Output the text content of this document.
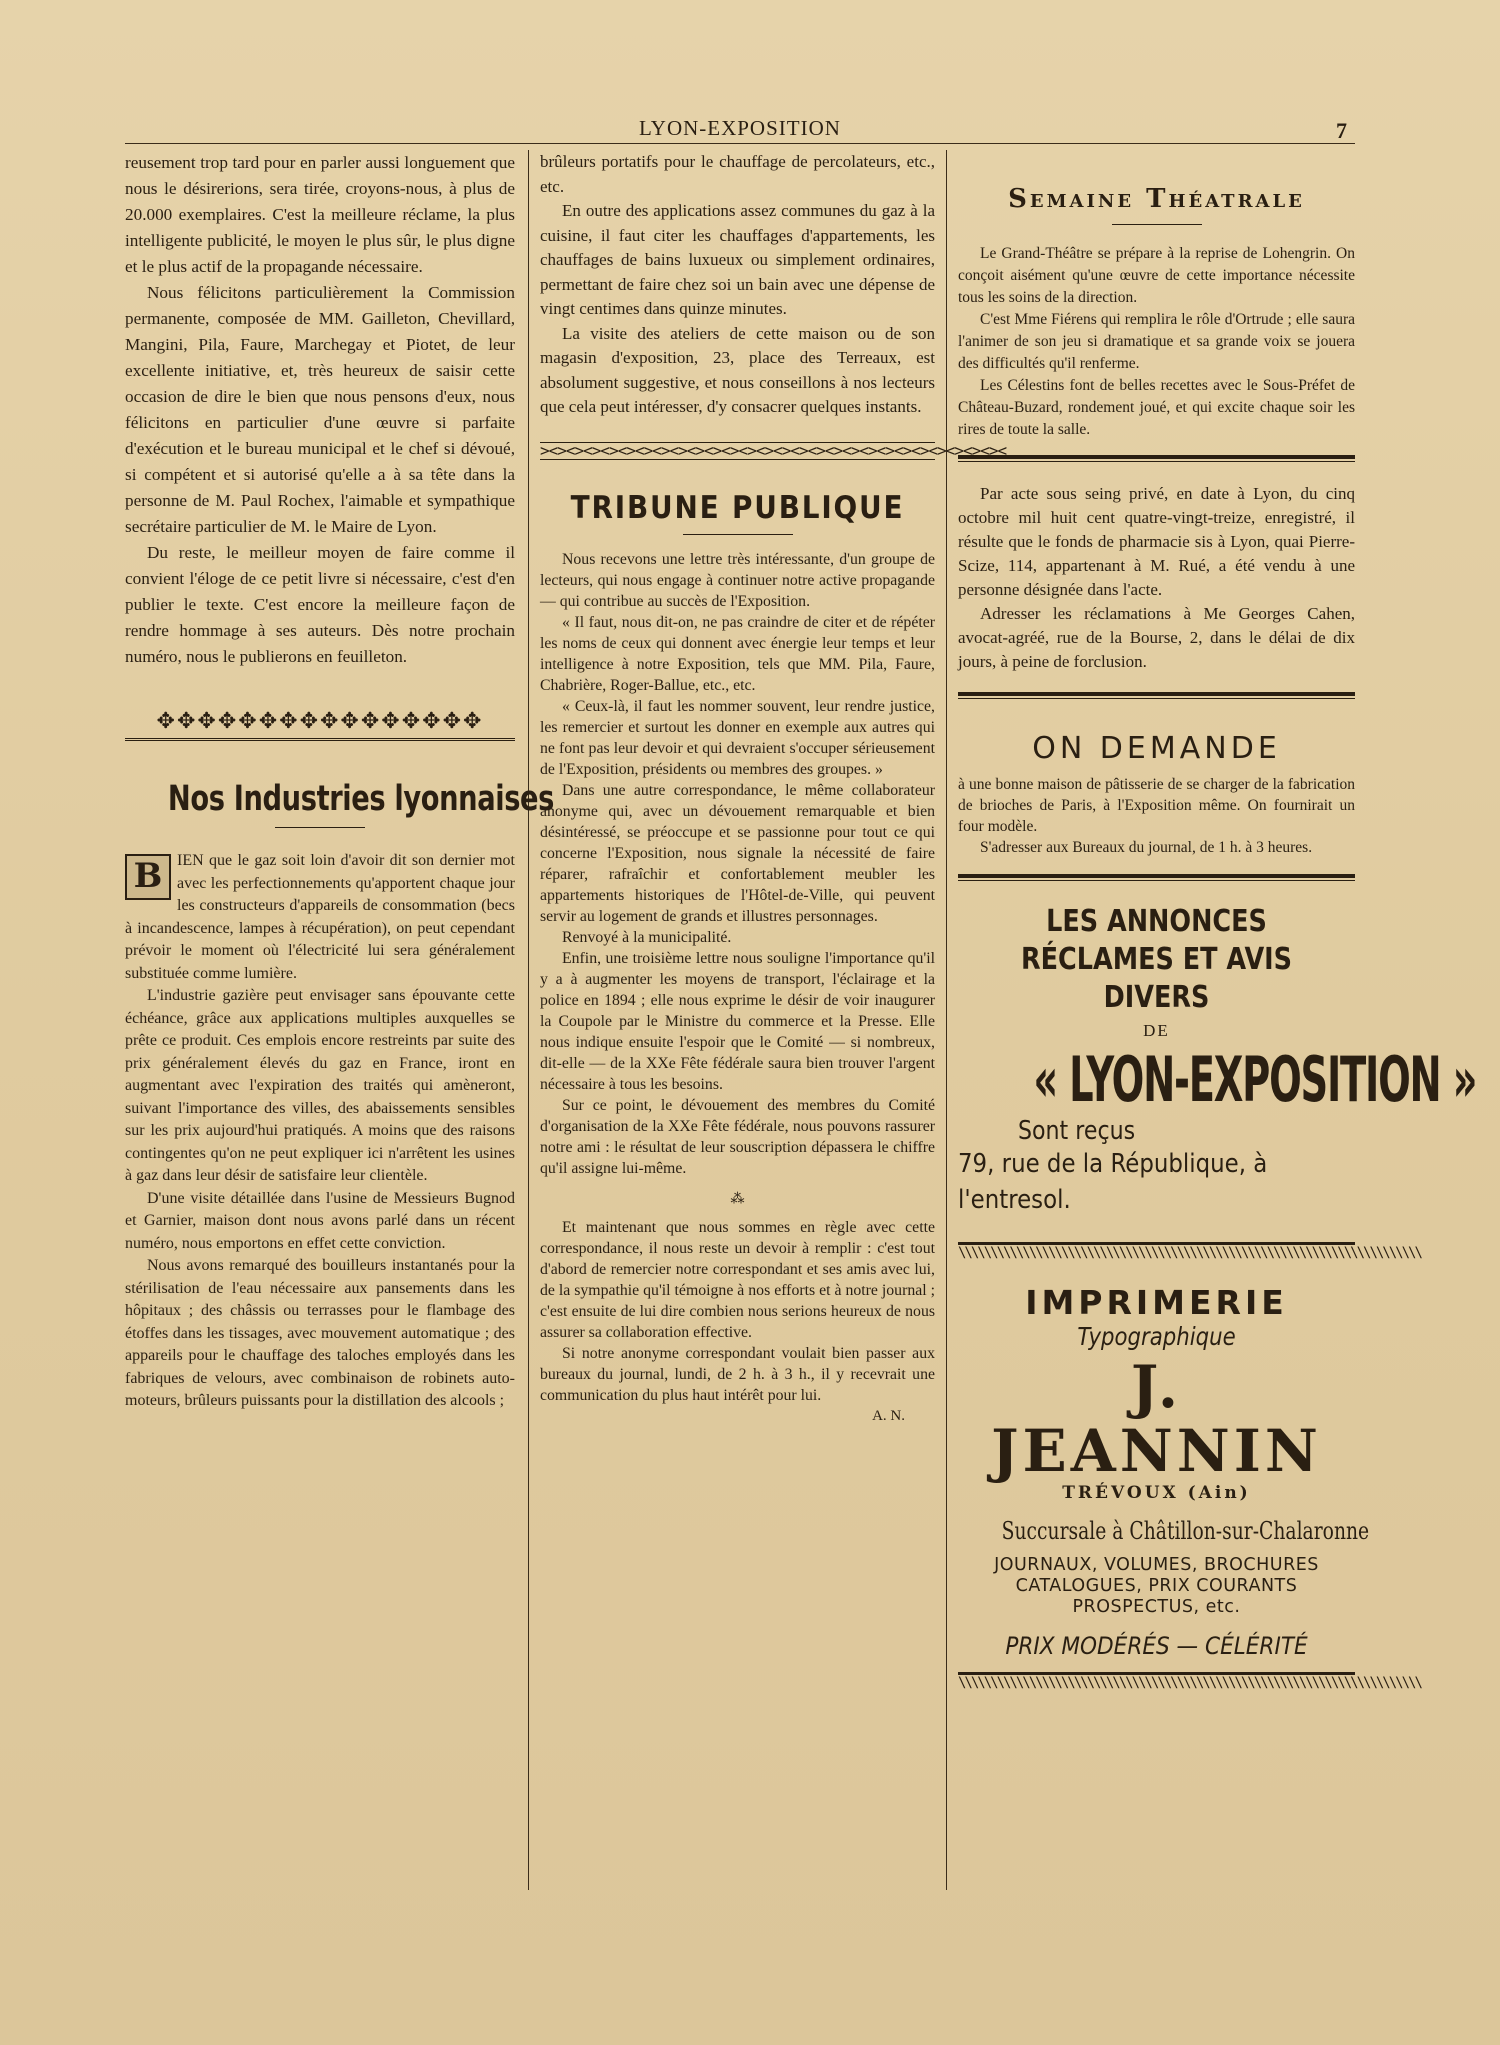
LYON-EXPOSITION	7

reusement trop tard pour en parler aussi longuement que nous le désirerions, sera tirée, croyons-nous, à plus de 20.000 exemplaires. C'est la meilleure réclame, la plus intelligente publicité, le moyen le plus sûr, le plus digne et le plus actif de la propagande nécessaire.

Nous félicitons particulièrement la Commission permanente, composée de MM. Gailleton, Chevillard, Mangini, Pila, Faure, Marchegay et Piotet, de leur excellente initiative, et, très heureux de saisir cette occasion de dire le bien que nous pensons d'eux, nous félicitons en particulier d'une œuvre si parfaite d'exécution et le bureau municipal et le chef si dévoué, si compétent et si autorisé qu'elle a à sa tête dans la personne de M. Paul Rochex, l'aimable et sympathique secrétaire particulier de M. le Maire de Lyon.

Du reste, le meilleur moyen de faire comme il convient l'éloge de ce petit livre si nécessaire, c'est d'en publier le texte. C'est encore la meilleure façon de rendre hommage à ses auteurs. Dès notre prochain numéro, nous le publierons en feuilleton.

✥✥✥✥✥✥✥✥✥✥✥✥✥✥✥✥
Nos Industries lyonnaises

B IEN que le gaz soit loin d'avoir dit son dernier mot avec les perfectionnements qu'apportent chaque jour les constructeurs d'appareils de consommation (becs à incandescence, lampes à récupération), on peut cependant prévoir le moment où l'électricité lui sera généralement substituée comme lumière.

L'industrie gazière peut envisager sans épouvante cette échéance, grâce aux applications multiples auxquelles se prête ce produit. Ces emplois encore restreints par suite des prix généralement élevés du gaz en France, iront en augmentant avec l'expiration des traités qui amèneront, suivant l'importance des villes, des abaissements sensibles sur les prix aujourd'hui pratiqués. A moins que des raisons contingentes qu'on ne peut expliquer ici n'arrêtent les usines à gaz dans leur désir de satisfaire leur clientèle.

D'une visite détaillée dans l'usine de Messieurs Bugnod et Garnier, maison dont nous avons parlé dans un récent numéro, nous emportons en effet cette conviction.

Nous avons remarqué des bouilleurs instantanés pour la stérilisation de l'eau nécessaire aux pansements dans les hôpitaux ; des châssis ou terrasses pour le flambage des étoffes dans les tissages, avec mouvement automatique ; des appareils pour le chauffage des taloches employés dans les fabriques de velours, avec combinaison de robinets auto-moteurs, brûleurs puissants pour la distillation des alcools ;

brûleurs portatifs pour le chauffage de percolateurs, etc., etc.

En outre des applications assez communes du gaz à la cuisine, il faut citer les chauffages d'appartements, les chauffages de bains luxueux ou simplement ordinaires, permettant de faire chez soi un bain avec une dépense de vingt centimes dans quinze minutes.

La visite des ateliers de cette maison ou de son magasin d'exposition, 23, place des Terreaux, est absolument suggestive, et nous conseillons à nos lecteurs que cela peut intéresser, d'y consacrer quelques instants.

><><><><><><><><><><><><><><><><><><><><><><><><><><><
TRIBUNE PUBLIQUE

Nous recevons une lettre très intéressante, d'un groupe de lecteurs, qui nous engage à continuer notre active propagande — qui contribue au succès de l'Exposition.

« Il faut, nous dit-on, ne pas craindre de citer et de répéter les noms de ceux qui donnent avec énergie leur temps et leur intelligence à notre Exposition, tels que MM. Pila, Faure, Chabrière, Roger-Ballue, etc., etc.

« Ceux-là, il faut les nommer souvent, leur rendre justice, les remercier et surtout les donner en exemple aux autres qui ne font pas leur devoir et qui devraient s'occuper sérieusement de l'Exposition, présidents ou membres des groupes. »

Dans une autre correspondance, le même collaborateur anonyme qui, avec un dévouement remarquable et bien désintéressé, se préoccupe et se passionne pour tout ce qui concerne l'Exposition, nous signale la nécessité de faire réparer, rafraîchir et confortablement meubler les appartements historiques de l'Hôtel-de-Ville, qui peuvent servir au logement de grands et illustres personnages.

Renvoyé à la municipalité.

Enfin, une troisième lettre nous souligne l'importance qu'il y a à augmenter les moyens de transport, l'éclairage et la police en 1894 ; elle nous exprime le désir de voir inaugurer la Coupole par le Ministre du commerce et la Presse. Elle nous indique ensuite l'espoir que le Comité — si nombreux, dit-elle — de la XXe Fête fédérale saura bien trouver l'argent nécessaire à tous les besoins.

Sur ce point, le dévouement des membres du Comité d'organisation de la XXe Fête fédérale, nous pouvons rassurer notre ami : le résultat de leur souscription dépassera le chiffre qu'il assigne lui-même.

⁂

Et maintenant que nous sommes en règle avec cette correspondance, il nous reste un devoir à remplir : c'est tout d'abord de remercier notre correspondant et ses amis avec lui, de la sympathie qu'il témoigne à nos efforts et à notre journal ; c'est ensuite de lui dire combien nous serions heureux de nous assurer sa collaboration effective.

Si notre anonyme correspondant voulait bien passer aux bureaux du journal, lundi, de 2 h. à 3 h., il y recevrait une communication du plus haut intérêt pour lui.

A. N.
Semaine Théatrale

Le Grand-Théâtre se prépare à la reprise de Lohengrin. On conçoit aisément qu'une œuvre de cette importance nécessite tous les soins de la direction.

C'est Mme Fiérens qui remplira le rôle d'Ortrude ; elle saura l'animer de son jeu si dramatique et sa grande voix se jouera des difficultés qu'il renferme.

Les Célestins font de belles recettes avec le Sous-Préfet de Château-Buzard, rondement joué, et qui excite chaque soir les rires de toute la salle.

Par acte sous seing privé, en date à Lyon, du cinq octobre mil huit cent quatre-vingt-treize, enregistré, il résulte que le fonds de pharmacie sis à Lyon, quai Pierre-Scize, 114, appartenant à M. Rué, a été vendu à une personne désignée dans l'acte.

Adresser les réclamations à Me Georges Cahen, avocat-agréé, rue de la Bourse, 2, dans le délai de dix jours, à peine de forclusion.

ON DEMANDE

à une bonne maison de pâtisserie de se charger de la fabrication de brioches de Paris, à l'Exposition même. On fournirait un four modèle.

S'adresser aux Bureaux du journal, de 1 h. à 3 heures.

LES ANNONCES
RÉCLAMES ET AVIS DIVERS
DE
« LYON-EXPOSITION »
Sont reçus
79, rue de la République, à l'entresol.
\\\\\\\\\\\\\\\\\\\\\\\\\\\\\\\\\\\\\\\\\\\\\\\\\\\\\\\\\\\\\\\\\\\\\\\\
IMPRIMERIE
Typographique
J. JEANNIN
TRÉVOUX (Ain)
Succursale à Châtillon-sur-Chalaronne
JOURNAUX, VOLUMES, BROCHURES CATALOGUES, PRIX COURANTS PROSPECTUS, etc.
PRIX MODÉRÉS — CÉLÉRITÉ
\\\\\\\\\\\\\\\\\\\\\\\\\\\\\\\\\\\\\\\\\\\\\\\\\\\\\\\\\\\\\\\\\\\\\\\\
